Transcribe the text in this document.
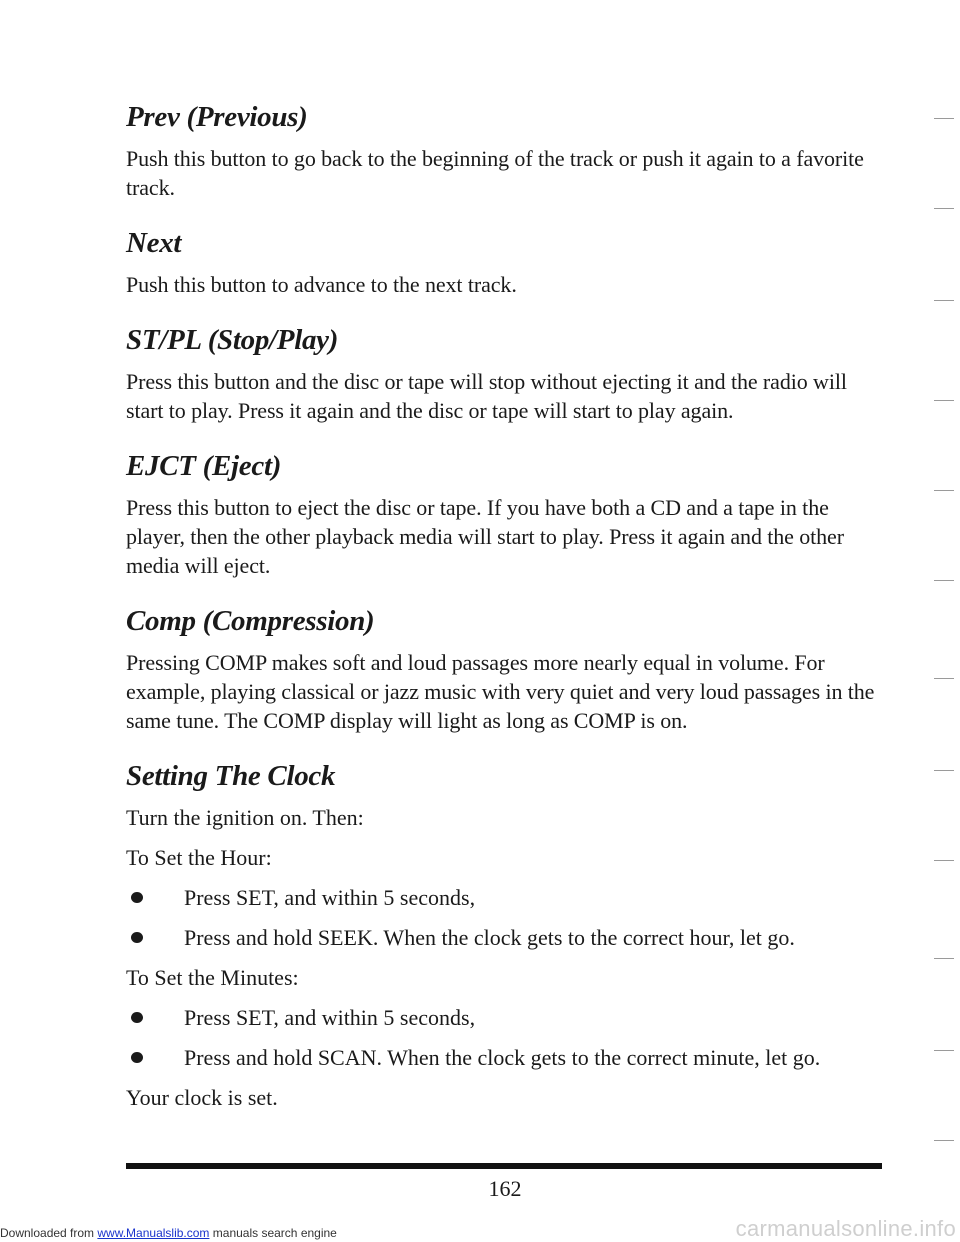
Prev (Previous)

Push this button to go back to the beginning of the track or push it again to a favorite track.

Next

Push this button to advance to the next track.

ST/PL (Stop/Play)

Press this button and the disc or tape will stop without ejecting it and the radio will start to play. Press it again and the disc or tape will start to play again.

EJCT (Eject)

Press this button to eject the disc or tape. If you have both a CD and a tape in the player, then the other playback media will start to play. Press it again and the other media will eject.

Comp (Compression)

Pressing COMP makes soft and loud passages more nearly equal in volume. For example, playing classical or jazz music with very quiet and very loud passages in the same tune. The COMP display will light as long as COMP is on.

Setting The Clock

Turn the ignition on. Then:

To Set the Hour:

Press SET, and within 5 seconds,
Press and hold SEEK. When the clock gets to the correct hour, let go.

To Set the Minutes:

Press SET, and within 5 seconds,
Press and hold SCAN. When the clock gets to the correct minute, let go.

Your clock is set.

162
Downloaded from www.Manualslib.com manuals search engine	carmanualsonline.info
